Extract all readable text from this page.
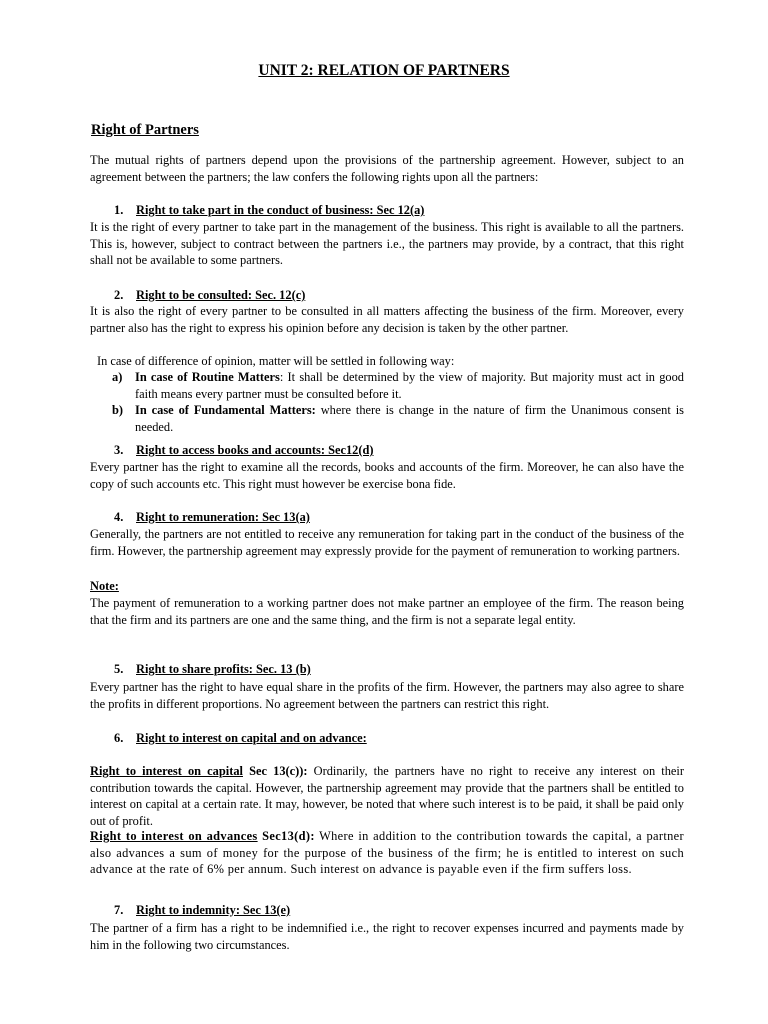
UNIT 2: RELATION OF PARTNERS
Right of Partners
The mutual rights of partners depend upon the provisions of the partnership agreement. However, subject to an agreement between the partners; the law confers the following rights upon all the partners:
1. Right to take part in the conduct of business: Sec 12(a)
It is the right of every partner to take part in the management of the business. This right is available to all the partners. This is, however, subject to contract between the partners i.e., the partners may provide, by a contract, that this right shall not be available to some partners.
2. Right to be consulted: Sec. 12(c)
It is also the right of every partner to be consulted in all matters affecting the business of the firm. Moreover, every partner also has the right to express his opinion before any decision is taken by the other partner.
In case of difference of opinion, matter will be settled in following way:
a) In case of Routine Matters: It shall be determined by the view of majority. But majority must act in good faith means every partner must be consulted before it.
b) In case of Fundamental Matters: where there is change in the nature of firm the Unanimous consent is needed.
3. Right to access books and accounts: Sec12(d)
Every partner has the right to examine all the records, books and accounts of the firm. Moreover, he can also have the copy of such accounts etc. This right must however be exercise bona fide.
4. Right to remuneration: Sec 13(a)
Generally, the partners are not entitled to receive any remuneration for taking part in the conduct of the business of the firm. However, the partnership agreement may expressly provide for the payment of remuneration to working partners.
Note:
The payment of remuneration to a working partner does not make partner an employee of the firm. The reason being that the firm and its partners are one and the same thing, and the firm is not a separate legal entity.
5. Right to share profits: Sec. 13 (b)
Every partner has the right to have equal share in the profits of the firm. However, the partners may also agree to share the profits in different proportions. No agreement between the partners can restrict this right.
6. Right to interest on capital and on advance:
Right to interest on capital Sec 13(c)): Ordinarily, the partners have no right to receive any interest on their contribution towards the capital. However, the partnership agreement may provide that the partners shall be entitled to interest on capital at a certain rate. It may, however, be noted that where such interest is to be paid, it shall be paid only out of profit.
Right to interest on advances Sec13(d): Where in addition to the contribution towards the capital, a partner also advances a sum of money for the purpose of the business of the firm; he is entitled to interest on such advance at the rate of 6% per annum. Such interest on advance is payable even if the firm suffers loss.
7. Right to indemnity: Sec 13(e)
The partner of a firm has a right to be indemnified i.e., the right to recover expenses incurred and payments made by him in the following two circumstances.
